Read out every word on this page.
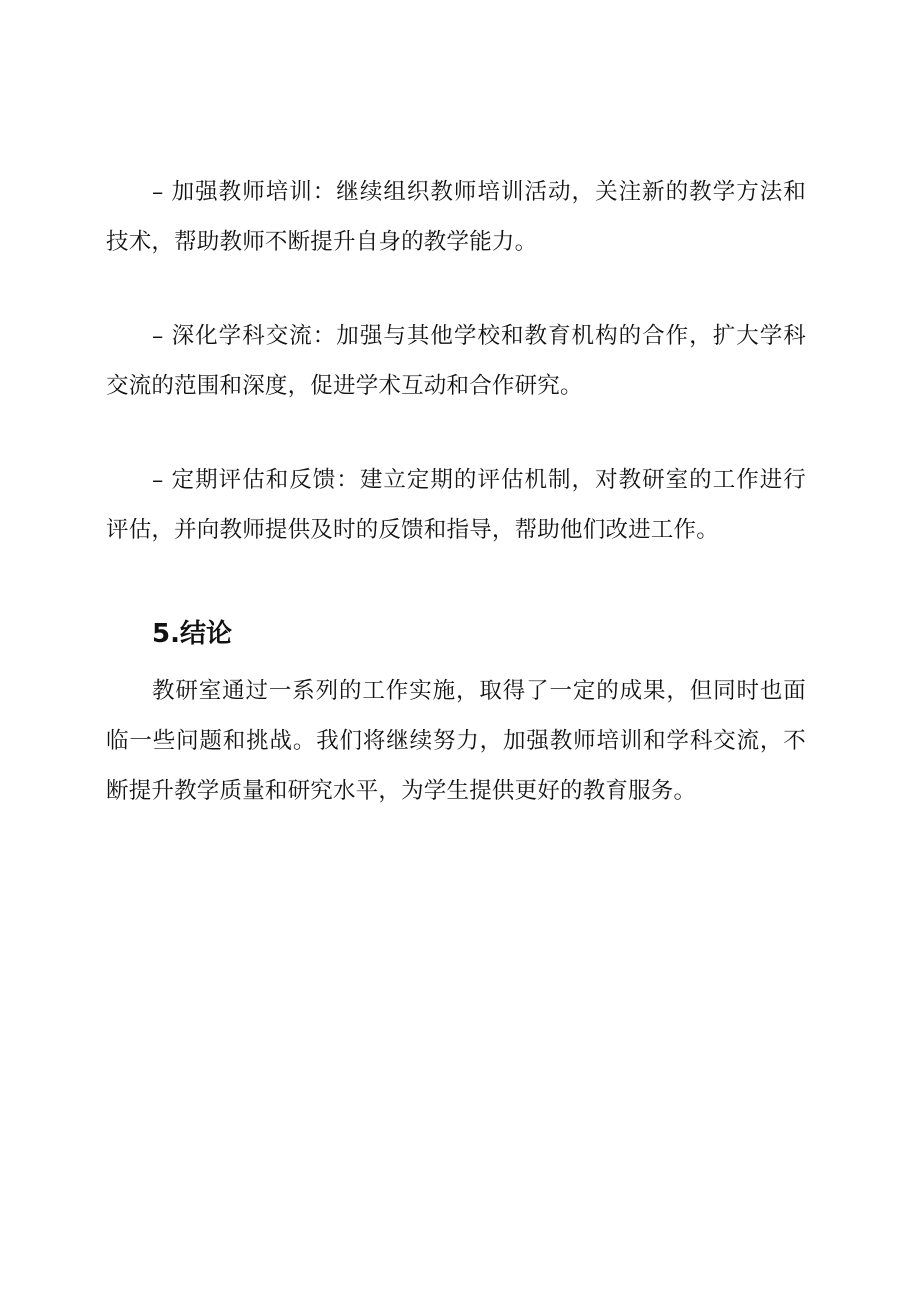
– 加强教师培训：继续组织教师培训活动，关注新的教学方法和技术，帮助教师不断提升自身的教学能力。

– 深化学科交流：加强与其他学校和教育机构的合作，扩大学科交流的范围和深度，促进学术互动和合作研究。

– 定期评估和反馈：建立定期的评估机制，对教研室的工作进行评估，并向教师提供及时的反馈和指导，帮助他们改进工作。

5.结论

教研室通过一系列的工作实施，取得了一定的成果，但同时也面临一些问题和挑战。我们将继续努力，加强教师培训和学科交流，不断提升教学质量和研究水平，为学生提供更好的教育服务。
